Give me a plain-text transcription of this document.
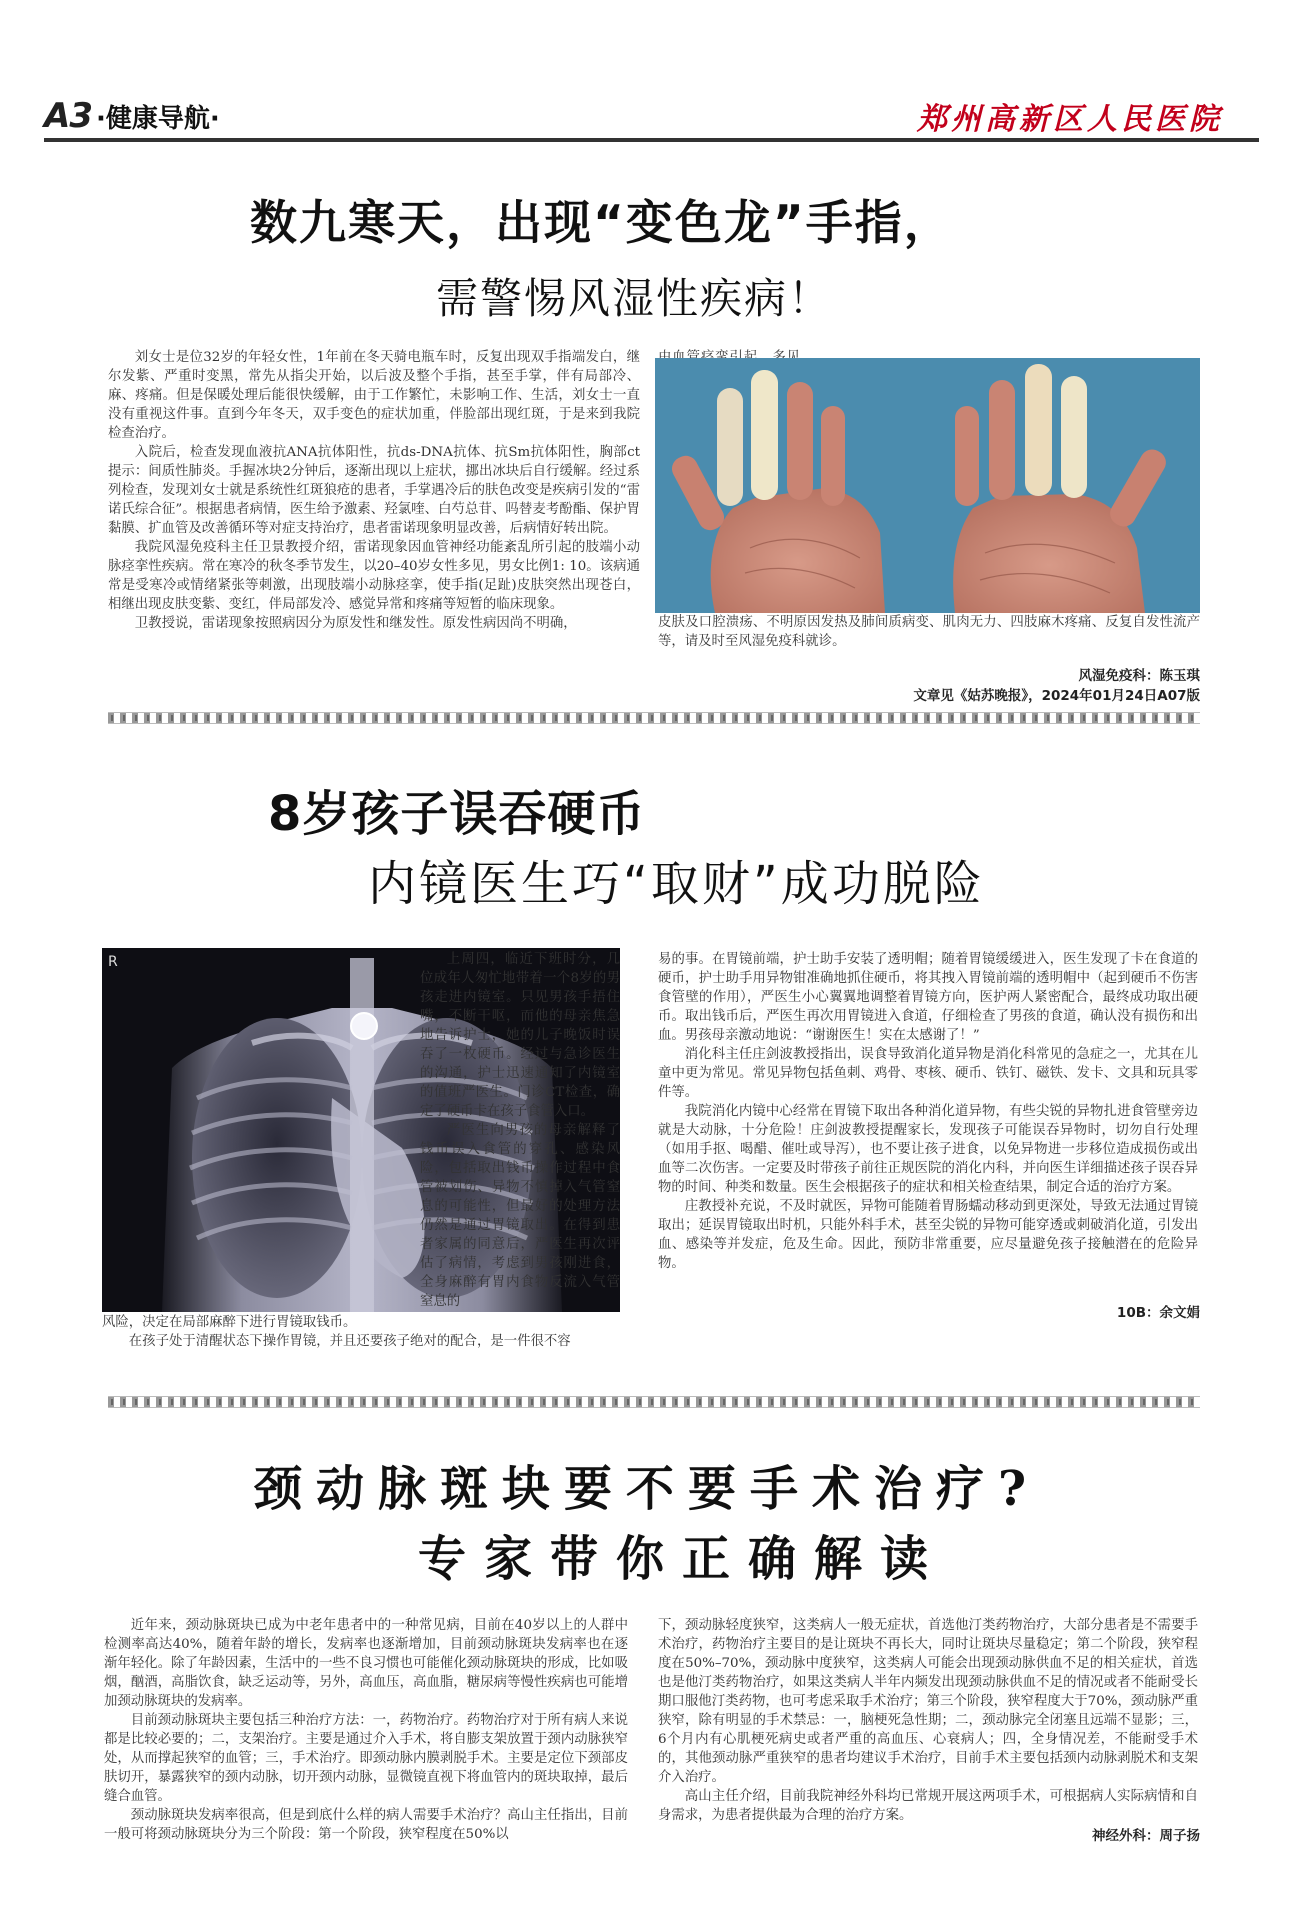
A3 ·健康导航·	郑州高新区人民医院
数九寒天，出现“变色龙”手指，
需警惕风湿性疾病！

刘女士是位32岁的年轻女性，1年前在冬天骑电瓶车时，反复出现双手指端发白，继尔发紫、严重时变黑，常先从指尖开始，以后波及整个手指，甚至手掌，伴有局部冷、麻、疼痛。但是保暖处理后能很快缓解，由于工作繁忙，未影响工作、生活，刘女士一直没有重视这件事。直到今年冬天，双手变色的症状加重，伴脸部出现红斑，于是来到我院检查治疗。

入院后，检查发现血液抗ANA抗体阳性，抗ds-DNA抗体、抗Sm抗体阳性，胸部ct提示：间质性肺炎。手握冰块2分钟后，逐渐出现以上症状，挪出冰块后自行缓解。经过系列检查，发现刘女士就是系统性红斑狼疮的患者，手掌遇冷后的肤色改变是疾病引发的“雷诺氏综合征”。根据患者病情，医生给予激素、羟氯喹、白芍总苷、吗替麦考酚酯、保护胃黏膜、扩血管及改善循环等对症支持治疗，患者雷诺现象明显改善，后病情好转出院。

我院风湿免疫科主任卫景教授介绍，雷诺现象因血管神经功能紊乱所引起的肢端小动脉痉挛性疾病。常在寒冷的秋冬季节发生，以20–40岁女性多见，男女比例1: 10。该病通常是受寒冷或情绪紧张等刺激，出现肢端小动脉痉挛，使手指(足趾)皮肤突然出现苍白，相继出现皮肤变紫、变红，伴局部发冷、感觉异常和疼痛等短暂的临床现象。

卫教授说，雷诺现象按照病因分为原发性和继发性。原发性病因尚不明确，	皮肤及口腔溃疡、不明原因发热及肺间质病变、肌肉无力、四肢麻木疼痛、反复自发性流产等，请及时至风湿免疫科就诊。

风湿免疫科：陈玉琪
文章见《姑苏晚报》，2024年01月24日A07版
8岁孩子误吞硬币
内镜医生巧“取财”成功脱险
R	上周四，临近下班时分，几位成年人匆忙地带着一个8岁的男孩走进内镜室。只见男孩手捂住嘴，不断干呕，而他的母亲焦急地告诉护士，她的儿子晚饭时误吞了一枚硬币。经过与急诊医生的沟通，护士迅速通知了内镜室的值班严医生。门诊CT检查，确定了硬币卡在孩子食管入口。

严医生向男孩的母亲解释了钱币误入食管的穿孔、感染风险，包括取出钱币操作过程中食管被划伤、异物不慎掉入气管窒息的可能性，但最好的处理方法仍然是通过胃镜取出。在得到患者家属的同意后，严医生再次评估了病情，考虑到男孩刚进食，全身麻醉有胃内食物反流入气管窒息的

风险，决定在局部麻醉下进行胃镜取钱币。

在孩子处于清醒状态下操作胃镜，并且还要孩子绝对的配合，是一件很不容

易的事。在胃镜前端，护士助手安装了透明帽；随着胃镜缓缓进入，医生发现了卡在食道的硬币，护士助手用异物钳准确地抓住硬币，将其拽入胃镜前端的透明帽中（起到硬币不伤害食管壁的作用），严医生小心翼翼地调整着胃镜方向，医护两人紧密配合，最终成功取出硬币。取出钱币后，严医生再次用胃镜进入食道，仔细检查了男孩的食道，确认没有损伤和出血。男孩母亲激动地说：“谢谢医生！实在太感谢了！”

消化科主任庄剑波教授指出，误食导致消化道异物是消化科常见的急症之一，尤其在儿童中更为常见。常见异物包括鱼刺、鸡骨、枣核、硬币、铁钉、磁铁、发卡、文具和玩具零件等。

我院消化内镜中心经常在胃镜下取出各种消化道异物，有些尖锐的异物扎进食管壁旁边就是大动脉，十分危险！庄剑波教授提醒家长，发现孩子可能误吞异物时，切勿自行处理（如用手抠、喝醋、催吐或导泻），也不要让孩子进食，以免异物进一步移位造成损伤或出血等二次伤害。一定要及时带孩子前往正规医院的消化内科，并向医生详细描述孩子误吞异物的时间、种类和数量。医生会根据孩子的症状和相关检查结果，制定合适的治疗方案。

庄教授补充说，不及时就医，异物可能随着胃肠蠕动移动到更深处，导致无法通过胃镜取出；延误胃镜取出时机，只能外科手术，甚至尖锐的异物可能穿透或刺破消化道，引发出血、感染等并发症，危及生命。因此，预防非常重要，应尽量避免孩子接触潜在的危险异物。

10B：余文娟
颈动脉斑块要不要手术治疗?
专家带你正确解读

近年来，颈动脉斑块已成为中老年患者中的一种常见病，目前在40岁以上的人群中检测率高达40%，随着年龄的增长，发病率也逐渐增加，目前颈动脉斑块发病率也在逐渐年轻化。除了年龄因素，生活中的一些不良习惯也可能催化颈动脉斑块的形成，比如吸烟，酗酒，高脂饮食，缺乏运动等，另外，高血压，高血脂，糖尿病等慢性疾病也可能增加颈动脉斑块的发病率。

目前颈动脉斑块主要包括三种治疗方法：一，药物治疗。药物治疗对于所有病人来说都是比较必要的；二，支架治疗。主要是通过介入手术，将自膨支架放置于颈内动脉狭窄处，从而撑起狭窄的血管；三，手术治疗。即颈动脉内膜剥脱手术。主要是定位下颈部皮肤切开，暴露狭窄的颈内动脉，切开颈内动脉，显微镜直视下将血管内的斑块取掉，最后缝合血管。

颈动脉斑块发病率很高，但是到底什么样的病人需要手术治疗？高山主任指出，目前一般可将颈动脉斑块分为三个阶段：第一个阶段，狭窄程度在50%以

下，颈动脉轻度狭窄，这类病人一般无症状，首选他汀类药物治疗，大部分患者是不需要手术治疗，药物治疗主要目的是让斑块不再长大，同时让斑块尽量稳定；第二个阶段，狭窄程度在50%–70%，颈动脉中度狭窄，这类病人可能会出现颈动脉供血不足的相关症状，首选也是他汀类药物治疗，如果这类病人半年内频发出现颈动脉供血不足的情况或者不能耐受长期口服他汀类药物，也可考虑采取手术治疗；第三个阶段，狭窄程度大于70%，颈动脉严重狭窄，除有明显的手术禁忌：一，脑梗死急性期；二，颈动脉完全闭塞且远端不显影；三，6个月内有心肌梗死病史或者严重的高血压、心衰病人；四，全身情况差，不能耐受手术的，其他颈动脉严重狭窄的患者均建议手术治疗，目前手术主要包括颈内动脉剥脱术和支架介入治疗。

高山主任介绍，目前我院神经外科均已常规开展这两项手术，可根据病人实际病情和自身需求，为患者提供最为合理的治疗方案。

神经外科：周子扬
